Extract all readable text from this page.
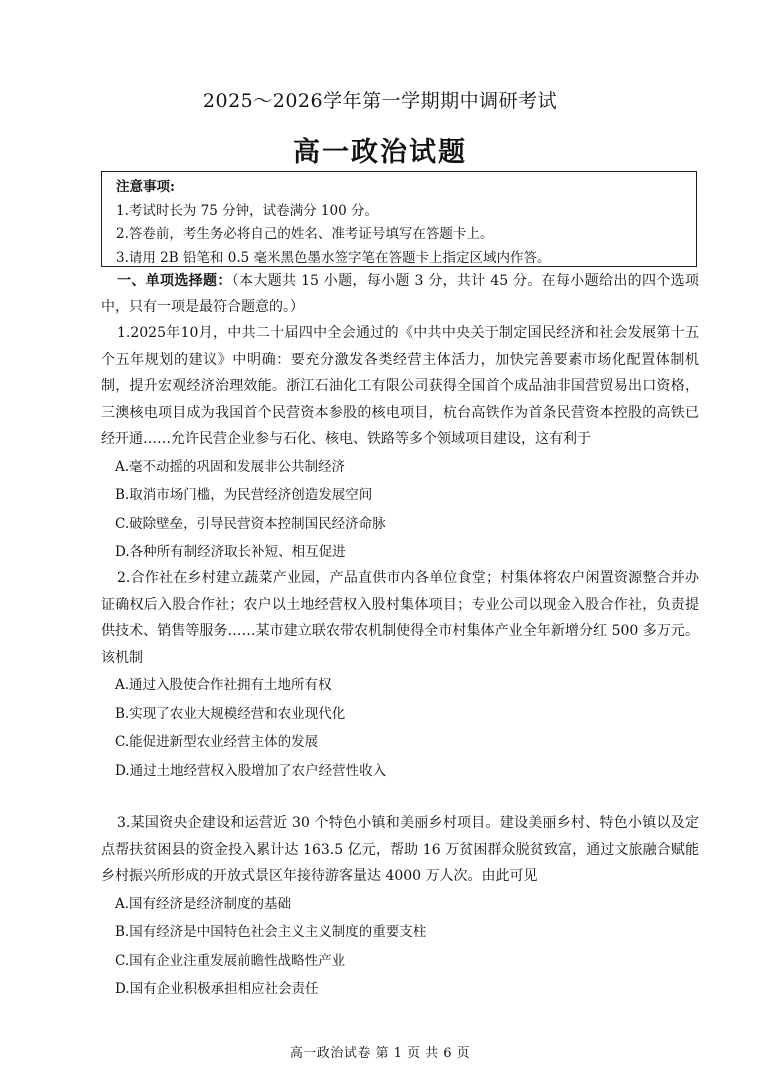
2025～2026学年第一学期期中调研考试
高一政治试题
注意事项:
1.考试时长为 75 分钟，试卷满分 100 分。
2.答卷前，考生务必将自己的姓名、准考证号填写在答题卡上。
3.请用 2B 铅笔和 0.5 毫米黑色墨水签字笔在答题卡上指定区域内作答。
一、单项选择题：（本大题共 15 小题，每小题 3 分，共计 45 分。在每小题给出的四个选项中，只有一项是最符合题意的。）
1.2025年10月，中共二十届四中全会通过的《中共中央关于制定国民经济和社会发展第十五个五年规划的建议》中明确：要充分激发各类经营主体活力，加快完善要素市场化配置体制机制，提升宏观经济治理效能。浙江石油化工有限公司获得全国首个成品油非国营贸易出口资格，三澳核电项目成为我国首个民营资本参股的核电项目，杭台高铁作为首条民营资本控股的高铁已经开通……允许民营企业参与石化、核电、铁路等多个领域项目建设，这有利于
A.毫不动摇的巩固和发展非公共制经济
B.取消市场门槛，为民营经济创造发展空间
C.破除壁垒，引导民营资本控制国民经济命脉
D.各种所有制经济取长补短、相互促进
2.合作社在乡村建立蔬菜产业园，产品直供市内各单位食堂；村集体将农户闲置资源整合并办证确权后入股合作社；农户以土地经营权入股村集体项目；专业公司以现金入股合作社，负责提供技术、销售等服务……某市建立联农带农机制使得全市村集体产业全年新增分红 500 多万元。该机制
A.通过入股使合作社拥有土地所有权
B.实现了农业大规模经营和农业现代化
C.能促进新型农业经营主体的发展
D.通过土地经营权入股增加了农户经营性收入
3.某国资央企建设和运营近 30 个特色小镇和美丽乡村项目。建设美丽乡村、特色小镇以及定点帮扶贫困县的资金投入累计达 163.5 亿元，帮助 16 万贫困群众脱贫致富，通过文旅融合赋能乡村振兴所形成的开放式景区年接待游客量达 4000 万人次。由此可见
A.国有经济是经济制度的基础
B.国有经济是中国特色社会主义主义制度的重要支柱
C.国有企业注重发展前瞻性战略性产业
D.国有企业积极承担相应社会责任
高一政治试卷 第 1 页 共 6 页
